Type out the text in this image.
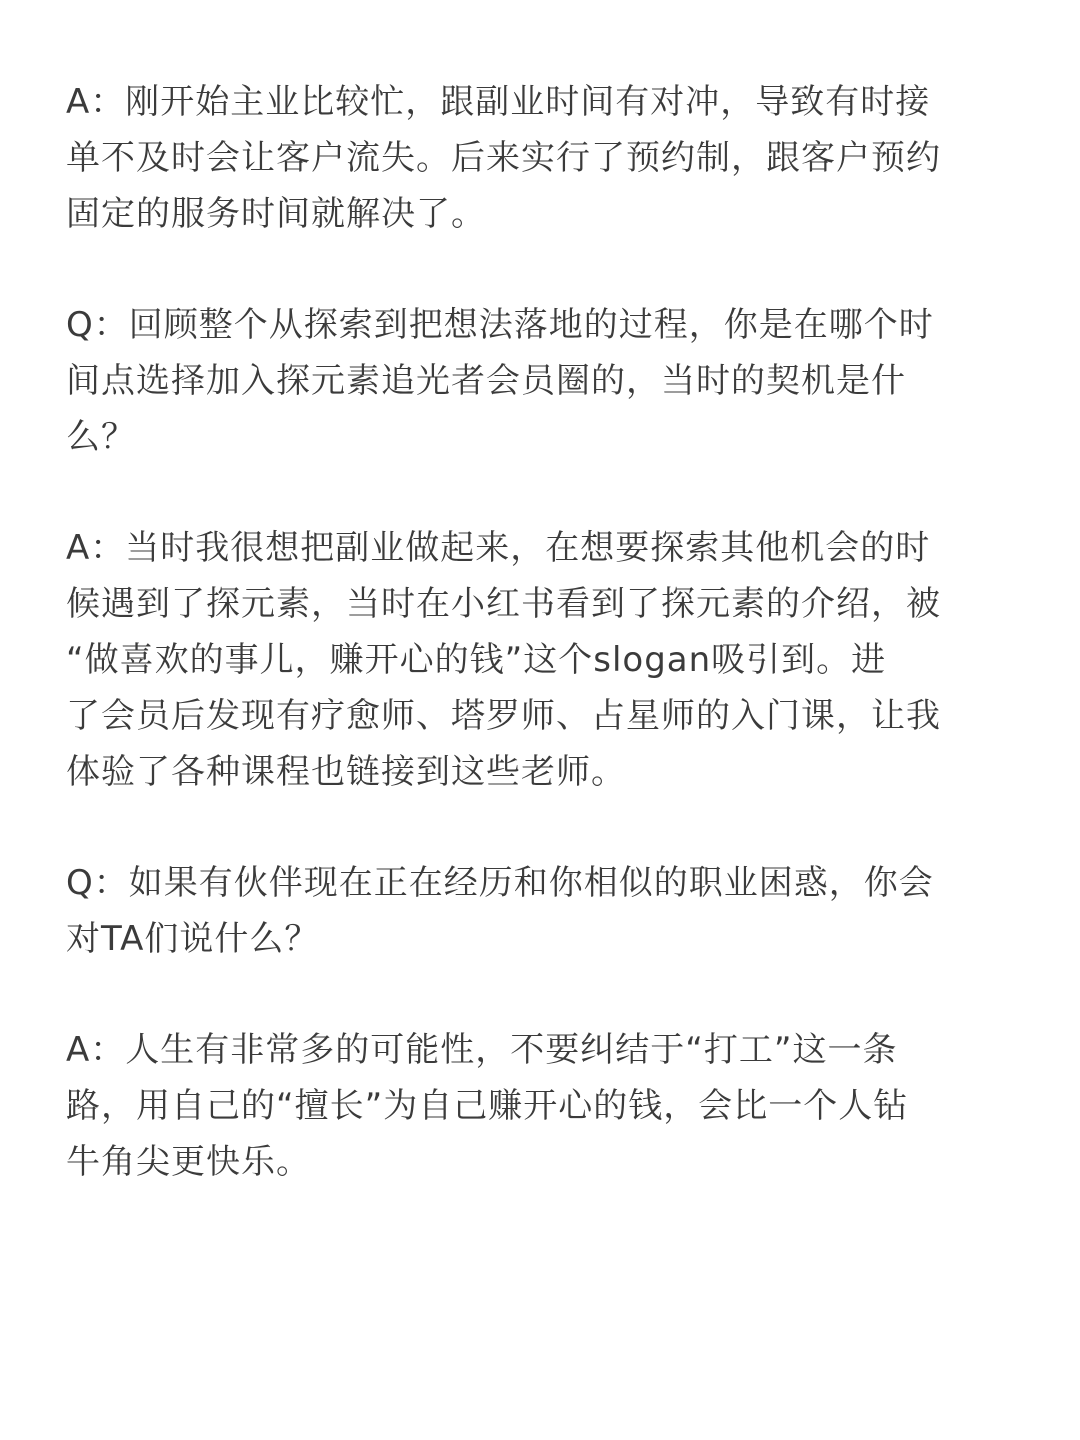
A：刚开始主业比较忙，跟副业时间有对冲，导致有时接
单不及时会让客户流失。后来实行了预约制，跟客户预约
固定的服务时间就解决了。
Q：回顾整个从探索到把想法落地的过程，你是在哪个时
间点选择加入探元素追光者会员圈的，当时的契机是什
么？
A：当时我很想把副业做起来，在想要探索其他机会的时
候遇到了探元素，当时在小红书看到了探元素的介绍，被
“做喜欢的事儿，赚开心的钱”这个slogan吸引到。进
了会员后发现有疗愈师、塔罗师、占星师的入门课，让我
体验了各种课程也链接到这些老师。
Q：如果有伙伴现在正在经历和你相似的职业困惑，你会
对TA们说什么？
A：人生有非常多的可能性，不要纠结于“打工”这一条
路，用自己的“擅长”为自己赚开心的钱，会比一个人钻
牛角尖更快乐。
